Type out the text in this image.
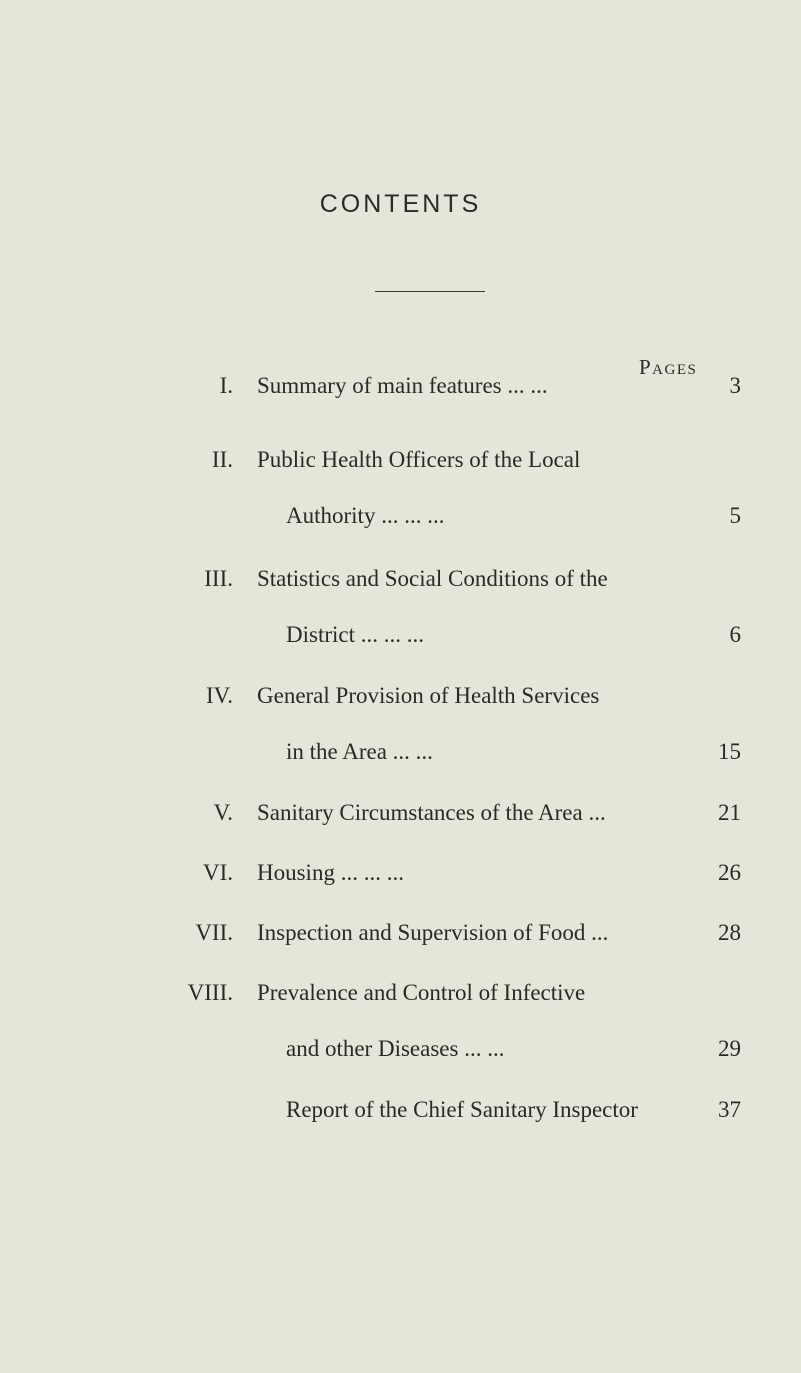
CONTENTS
Pages
I. Summary of main features ... ...	3
II. Public Health Officers of the Local
Authority ... ... ...	5
III. Statistics and Social Conditions of the
District ... ... ...	6
IV. General Provision of Health Services
in the Area ... ...	15
V. Sanitary Circumstances of the Area ...	21
VI. Housing ... ... ...	26
VII. Inspection and Supervision of Food ...	28
VIII. Prevalence and Control of Infective
and other Diseases ... ...	29
Report of the Chief Sanitary Inspector	37
